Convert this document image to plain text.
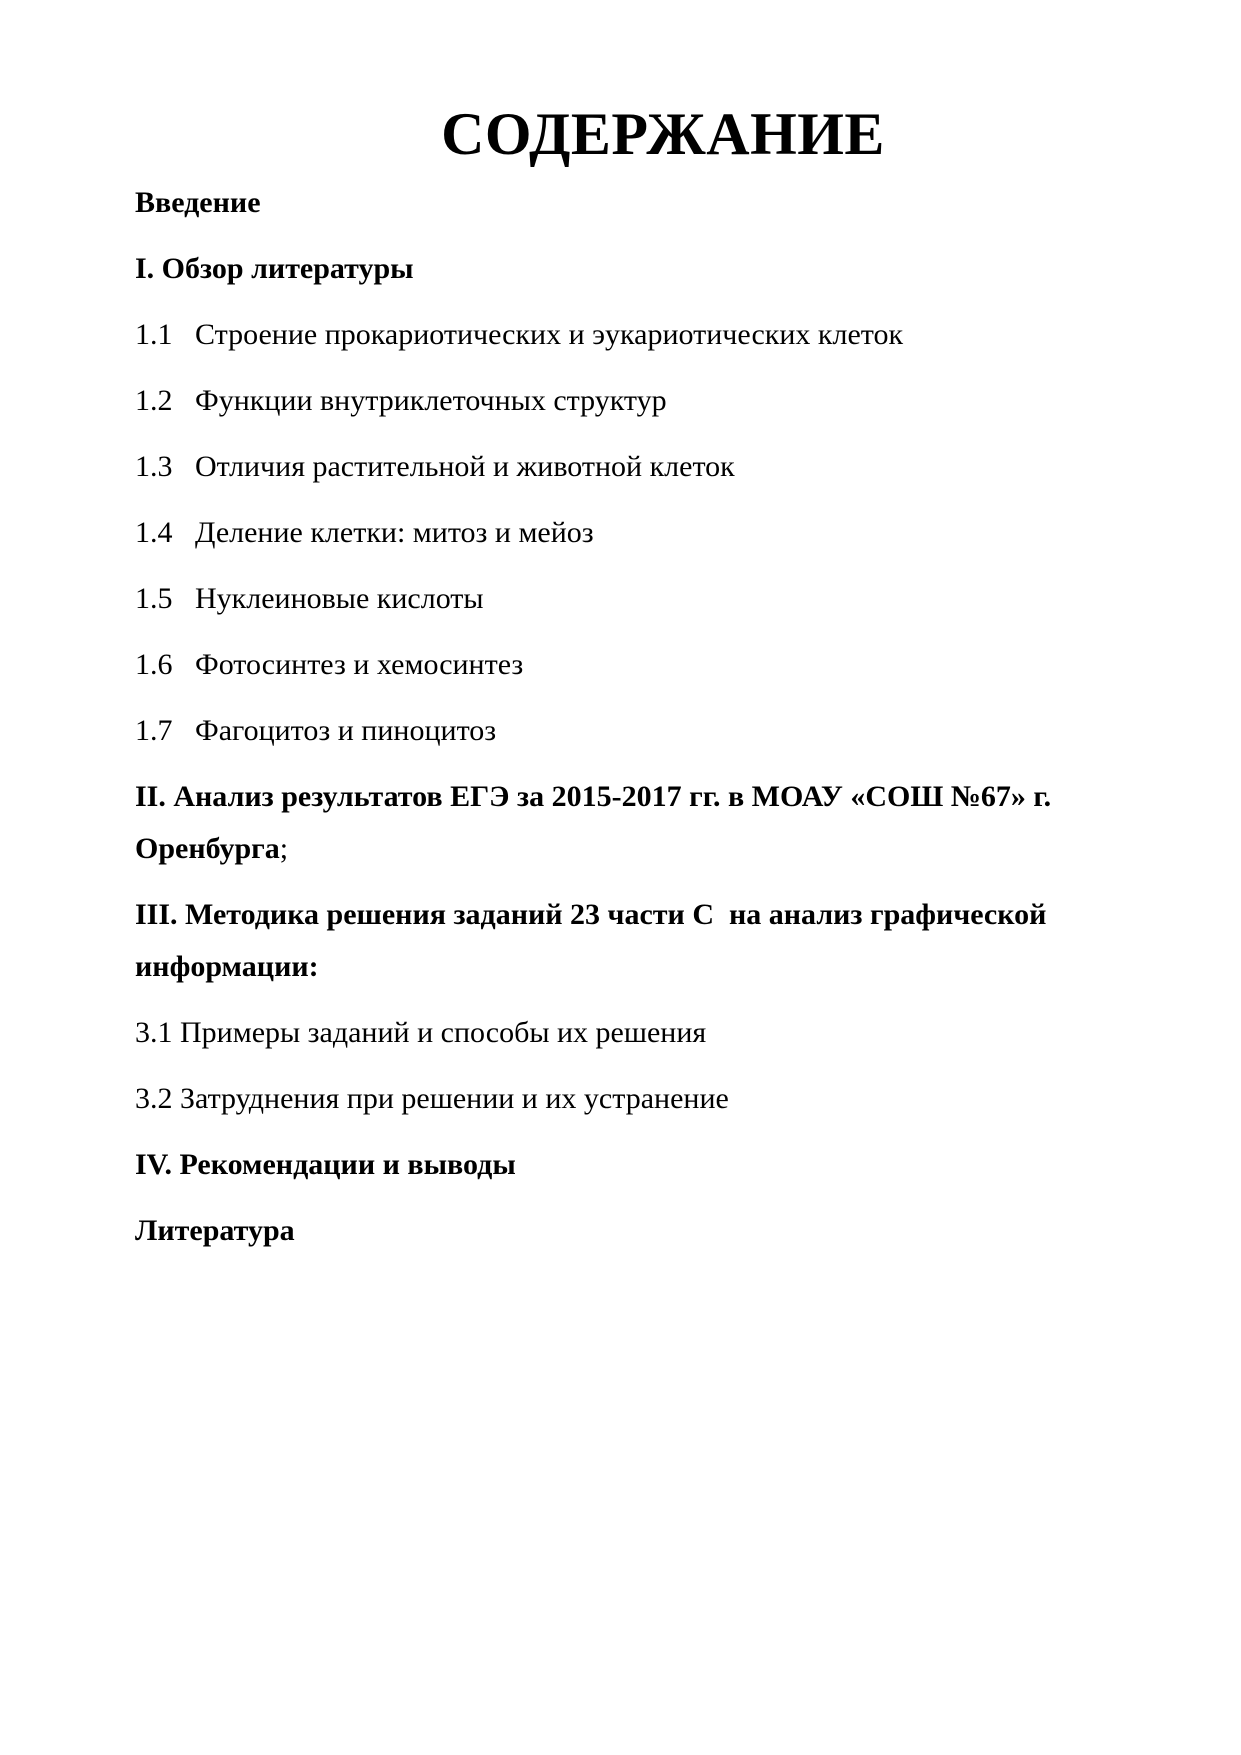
СОДЕРЖАНИЕ
Введение
I. Обзор литературы
1.1   Строение прокариотических и эукариотических клеток
1.2   Функции внутриклеточных структур
1.3   Отличия растительной и животной клеток
1.4   Деление клетки: митоз и мейоз
1.5   Нуклеиновые кислоты
1.6   Фотосинтез и хемосинтез
1.7   Фагоцитоз и пиноцитоз
II. Анализ результатов ЕГЭ за 2015-2017 гг. в МОАУ «СОШ №67» г.
Оренбурга;
III. Методика решения заданий 23 части С  на анализ графической
информации:
3.1 Примеры заданий и способы их решения
3.2 Затруднения при решении и их устранение
IV. Рекомендации и выводы
Литература
